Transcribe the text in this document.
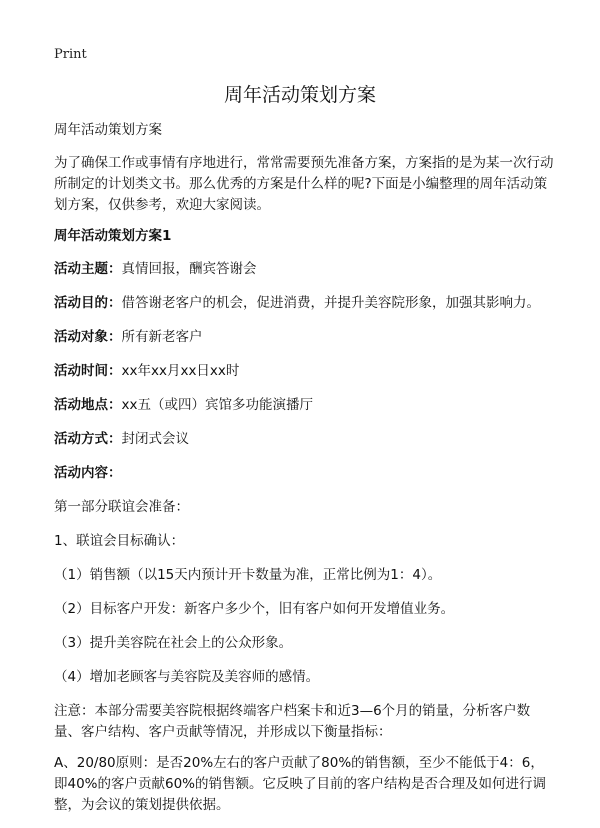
Print
周年活动策划方案

周年活动策划方案

为了确保工作或事情有序地进行，常常需要预先准备方案，方案指的是为某一次行动所制定的计划类文书。那么优秀的方案是什么样的呢?下面是小编整理的周年活动策划方案，仅供参考，欢迎大家阅读。

周年活动策划方案1

活动主题：真情回报，酬宾答谢会

活动目的：借答谢老客户的机会，促进消费，并提升美容院形象，加强其影响力。

活动对象：所有新老客户

活动时间：xx年xx月xx日xx时

活动地点：xx五（或四）宾馆多功能演播厅

活动方式：封闭式会议

活动内容：

第一部分联谊会准备：

1、联谊会目标确认：

（1）销售额（以15天内预计开卡数量为准，正常比例为1：4）。

（2）目标客户开发：新客户多少个，旧有客户如何开发增值业务。

（3）提升美容院在社会上的公众形象。

（4）增加老顾客与美容院及美容师的感情。

注意：本部分需要美容院根据终端客户档案卡和近3—6个月的销量，分析客户数量、客户结构、客户贡献等情况，并形成以下衡量指标：

A、20/80原则：是否20%左右的客户贡献了80%的销售额，至少不能低于4：6，即40%的客户贡献60%的销售额。它反映了目前的客户结构是否合理及如何进行调整，为会议的策划提供依据。
